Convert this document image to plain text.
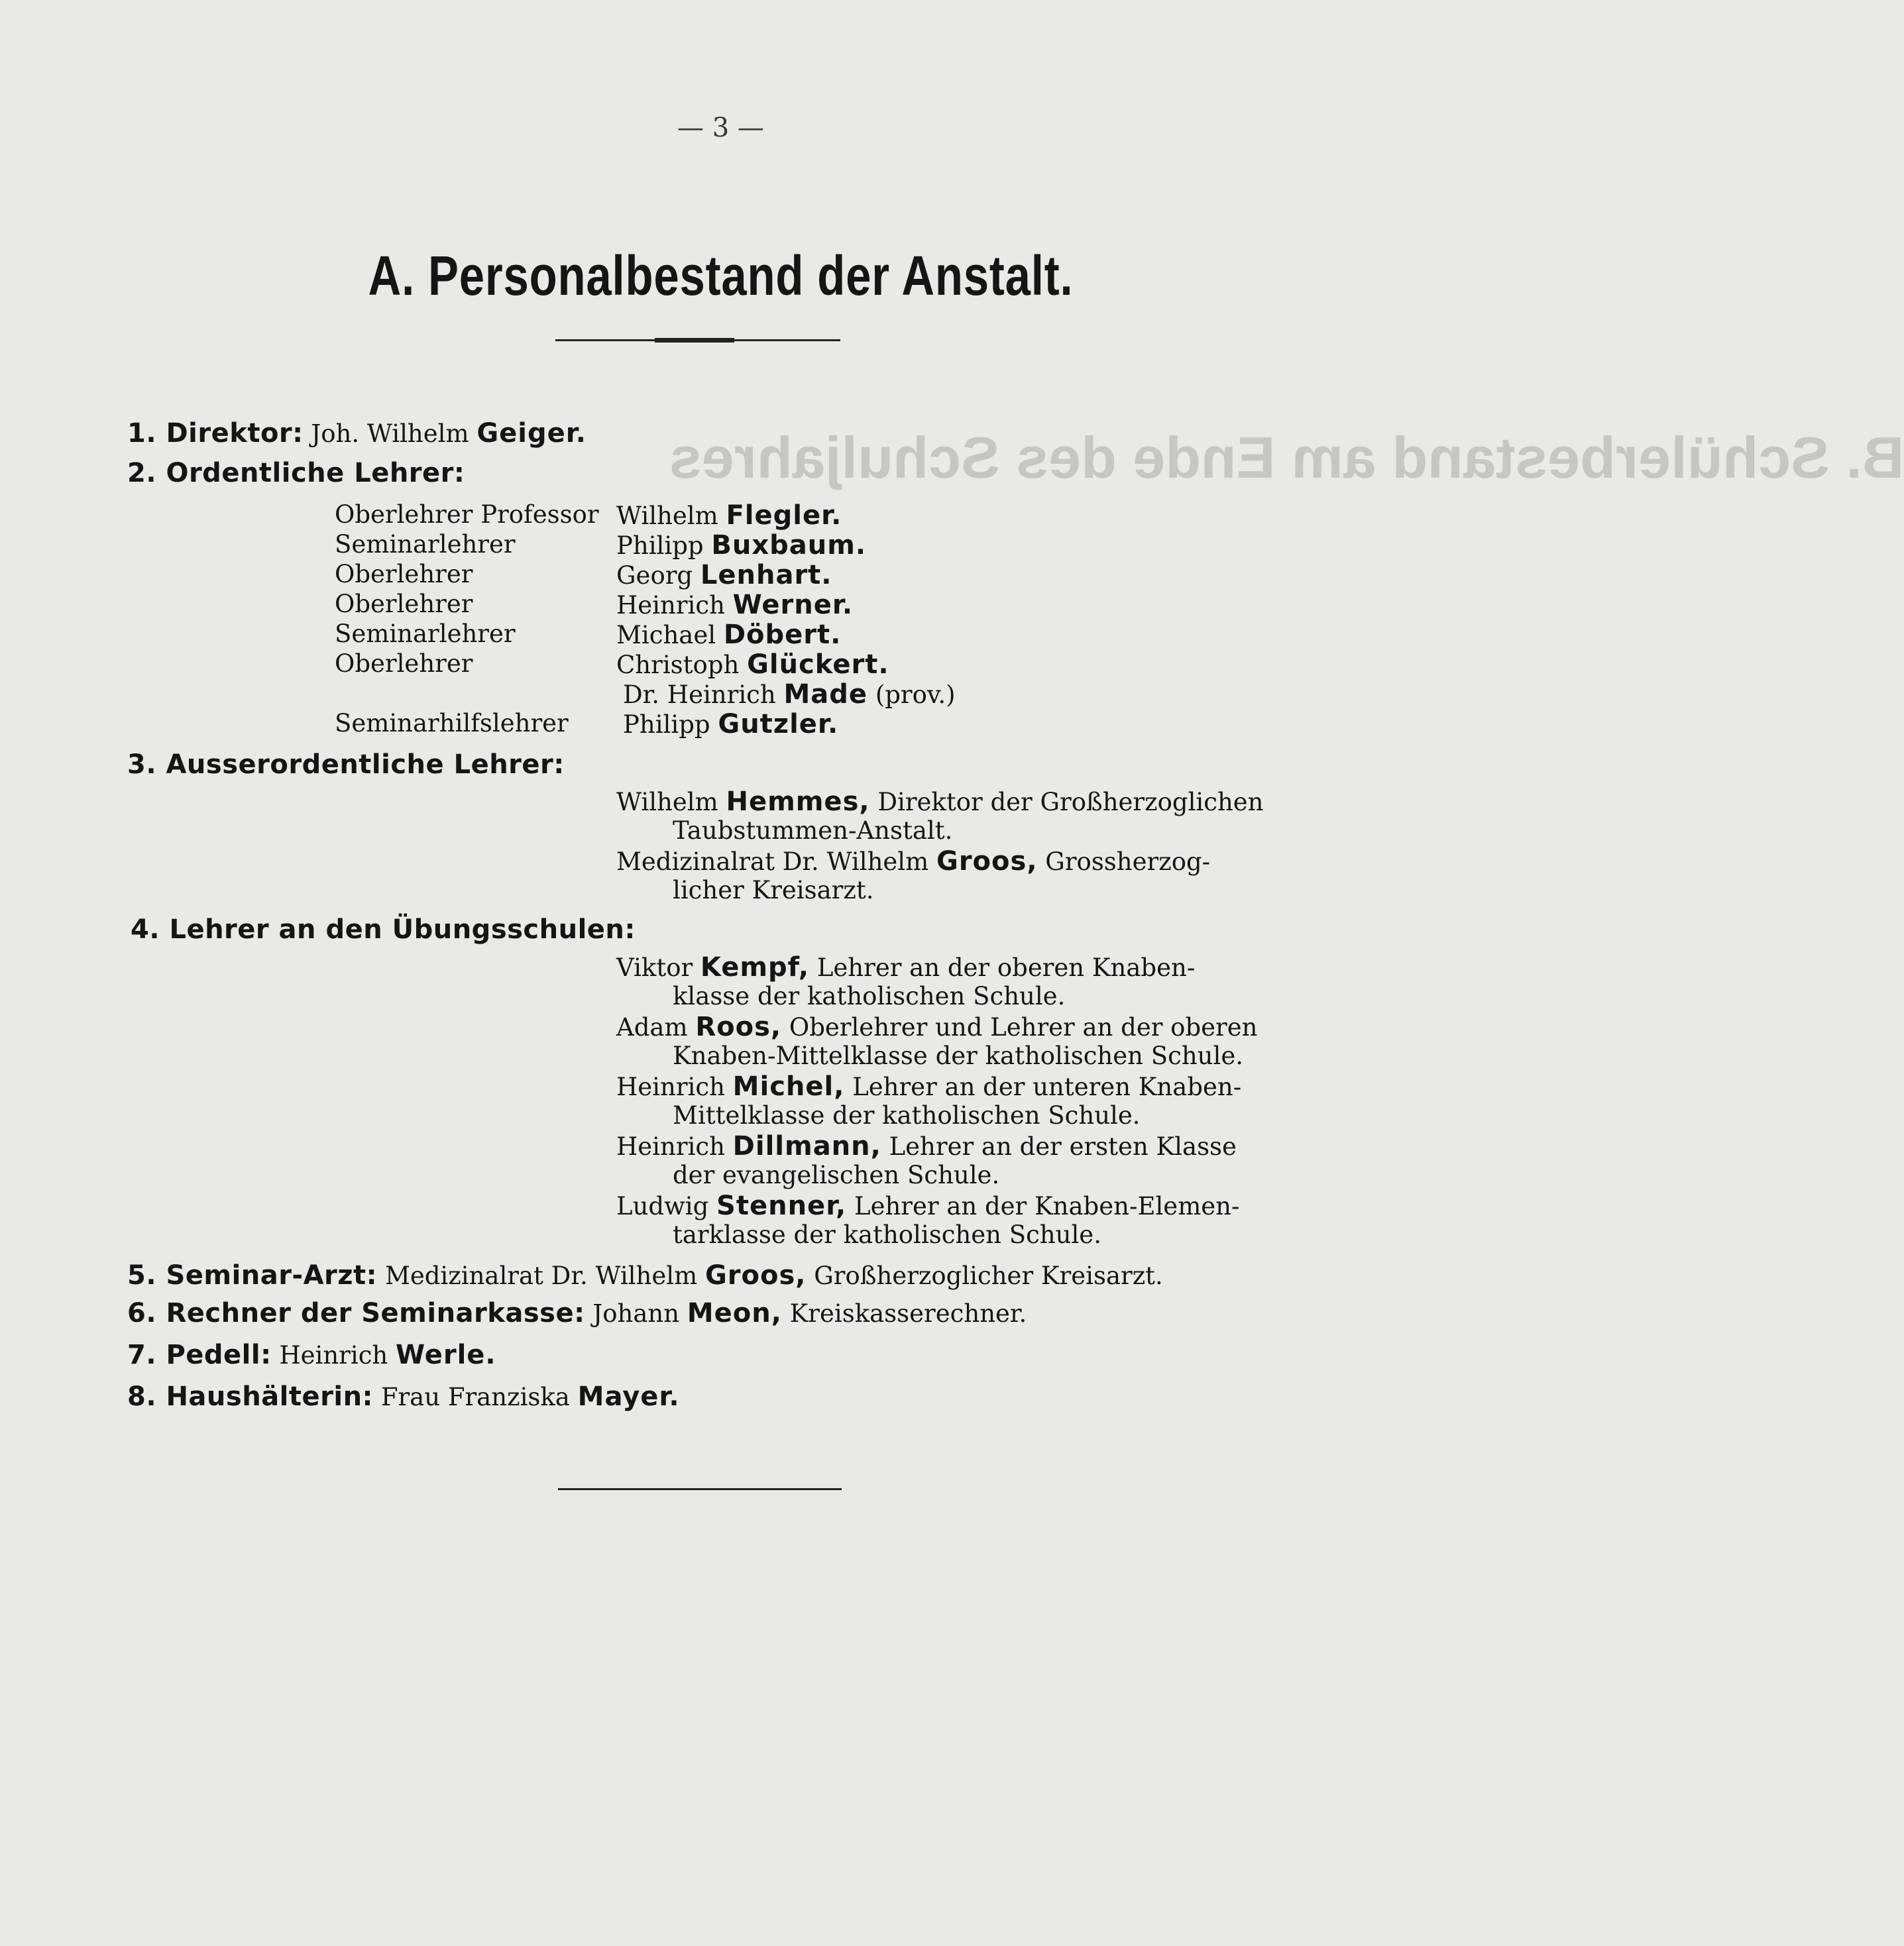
B. Schülerbestand am Ende des Schuljahres
— 3 —
A. Personalbestand der Anstalt.
1. Direktor: Joh. Wilhelm Geiger.
2. Ordentliche Lehrer:
Oberlehrer Professor Wilhelm Flegler.
Seminarlehrer	Philipp Buxbaum.
Oberlehrer	Georg Lenhart.
Oberlehrer	Heinrich Werner.
Seminarlehrer	Michael Döbert.
Oberlehrer	Christoph Glückert.
Dr. Heinrich Made (prov.)
Seminarhilfslehrer Philipp Gutzler.
3. Ausserordentliche Lehrer:
Wilhelm Hemmes, Direktor der Großherzoglichen
Taubstummen-Anstalt.
Medizinalrat Dr. Wilhelm Groos, Grossherzog-
licher Kreisarzt.
4. Lehrer an den Übungsschulen:
Viktor Kempf, Lehrer an der oberen Knaben-
klasse der katholischen Schule.
Adam Roos, Oberlehrer und Lehrer an der oberen
Knaben-Mittelklasse der katholischen Schule.
Heinrich Michel, Lehrer an der unteren Knaben-
Mittelklasse der katholischen Schule.
Heinrich Dillmann, Lehrer an der ersten Klasse
der evangelischen Schule.
Ludwig Stenner, Lehrer an der Knaben-Elemen-
tarklasse der katholischen Schule.
5. Seminar-Arzt: Medizinalrat Dr. Wilhelm Groos, Großherzoglicher Kreisarzt.
6. Rechner der Seminarkasse: Johann Meon, Kreiskasserechner.
7. Pedell: Heinrich Werle.
8. Haushälterin: Frau Franziska Mayer.
